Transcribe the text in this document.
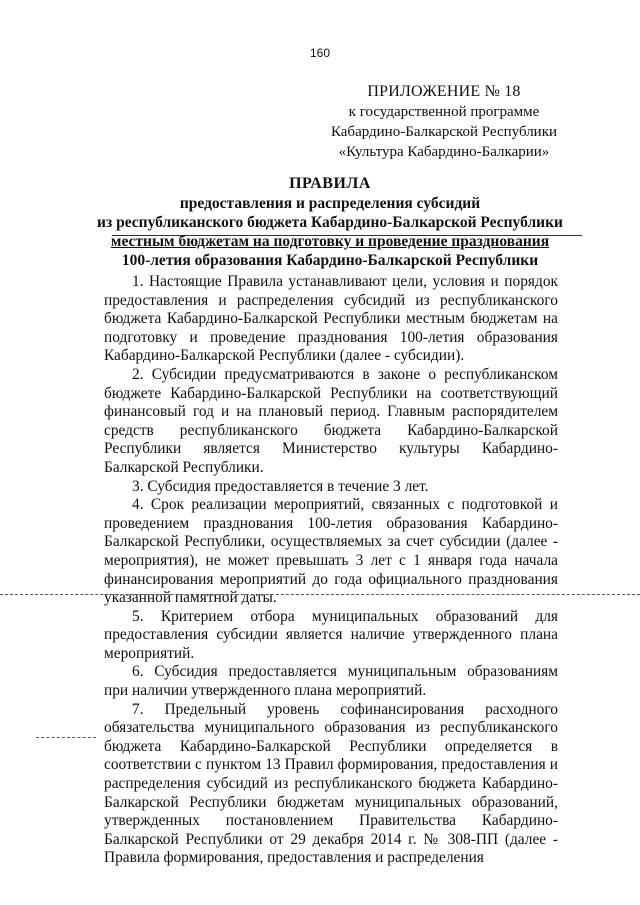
160
ПРИЛОЖЕНИЕ № 18
к государственной программе
Кабардино-Балкарской Республики
«Культура Кабардино-Балкарии»
ПРАВИЛА
предоставления и распределения субсидий
из республиканского бюджета Кабардино-Балкарской Республики
местным бюджетам на подготовку и проведение празднования
100-летия образования Кабардино-Балкарской Республики

1. Настоящие Правила устанавливают цели, условия и порядок предоставления и распределения субсидий из республиканского бюджета Кабардино-Балкарской Республики местным бюджетам на подготовку и проведение празднования 100-летия образования Кабардино-Балкарской Республики (далее - субсидии).

2. Субсидии предусматриваются в законе о республиканском бюджете Кабардино-Балкарской Республики на соответствующий финансовый год и на плановый период. Главным распорядителем средств республиканского бюджета Кабардино-Балкарской Республики является Министерство культуры Кабардино-Балкарской Республики.

3. Субсидия предоставляется в течение 3 лет.

4. Срок реализации мероприятий, связанных с подготовкой и проведением празднования 100-летия образования Кабардино-Балкарской Республики, осуществляемых за счет субсидии (далее - мероприятия), не может превышать 3 лет с 1 января года начала финансирования мероприятий до года официального празднования указанной памятной даты.

5. Критерием отбора муниципальных образований для предоставления субсидии является наличие утвержденного плана мероприятий.

6. Субсидия предоставляется муниципальным образованиям при наличии утвержденного плана мероприятий.

7. Предельный уровень софинансирования расходного обязательства муниципального образования из республиканского бюджета Кабардино-Балкарской Республики определяется в соответствии с пунктом 13 Правил формирования, предоставления и распределения субсидий из республиканского бюджета Кабардино-Балкарской Республики бюджетам муниципальных образований, утвержденных постановлением Правительства Кабардино-Балкарской Республики от 29 декабря 2014 г. № 308-ПП (далее - Правила формирования, предоставления и распределения
